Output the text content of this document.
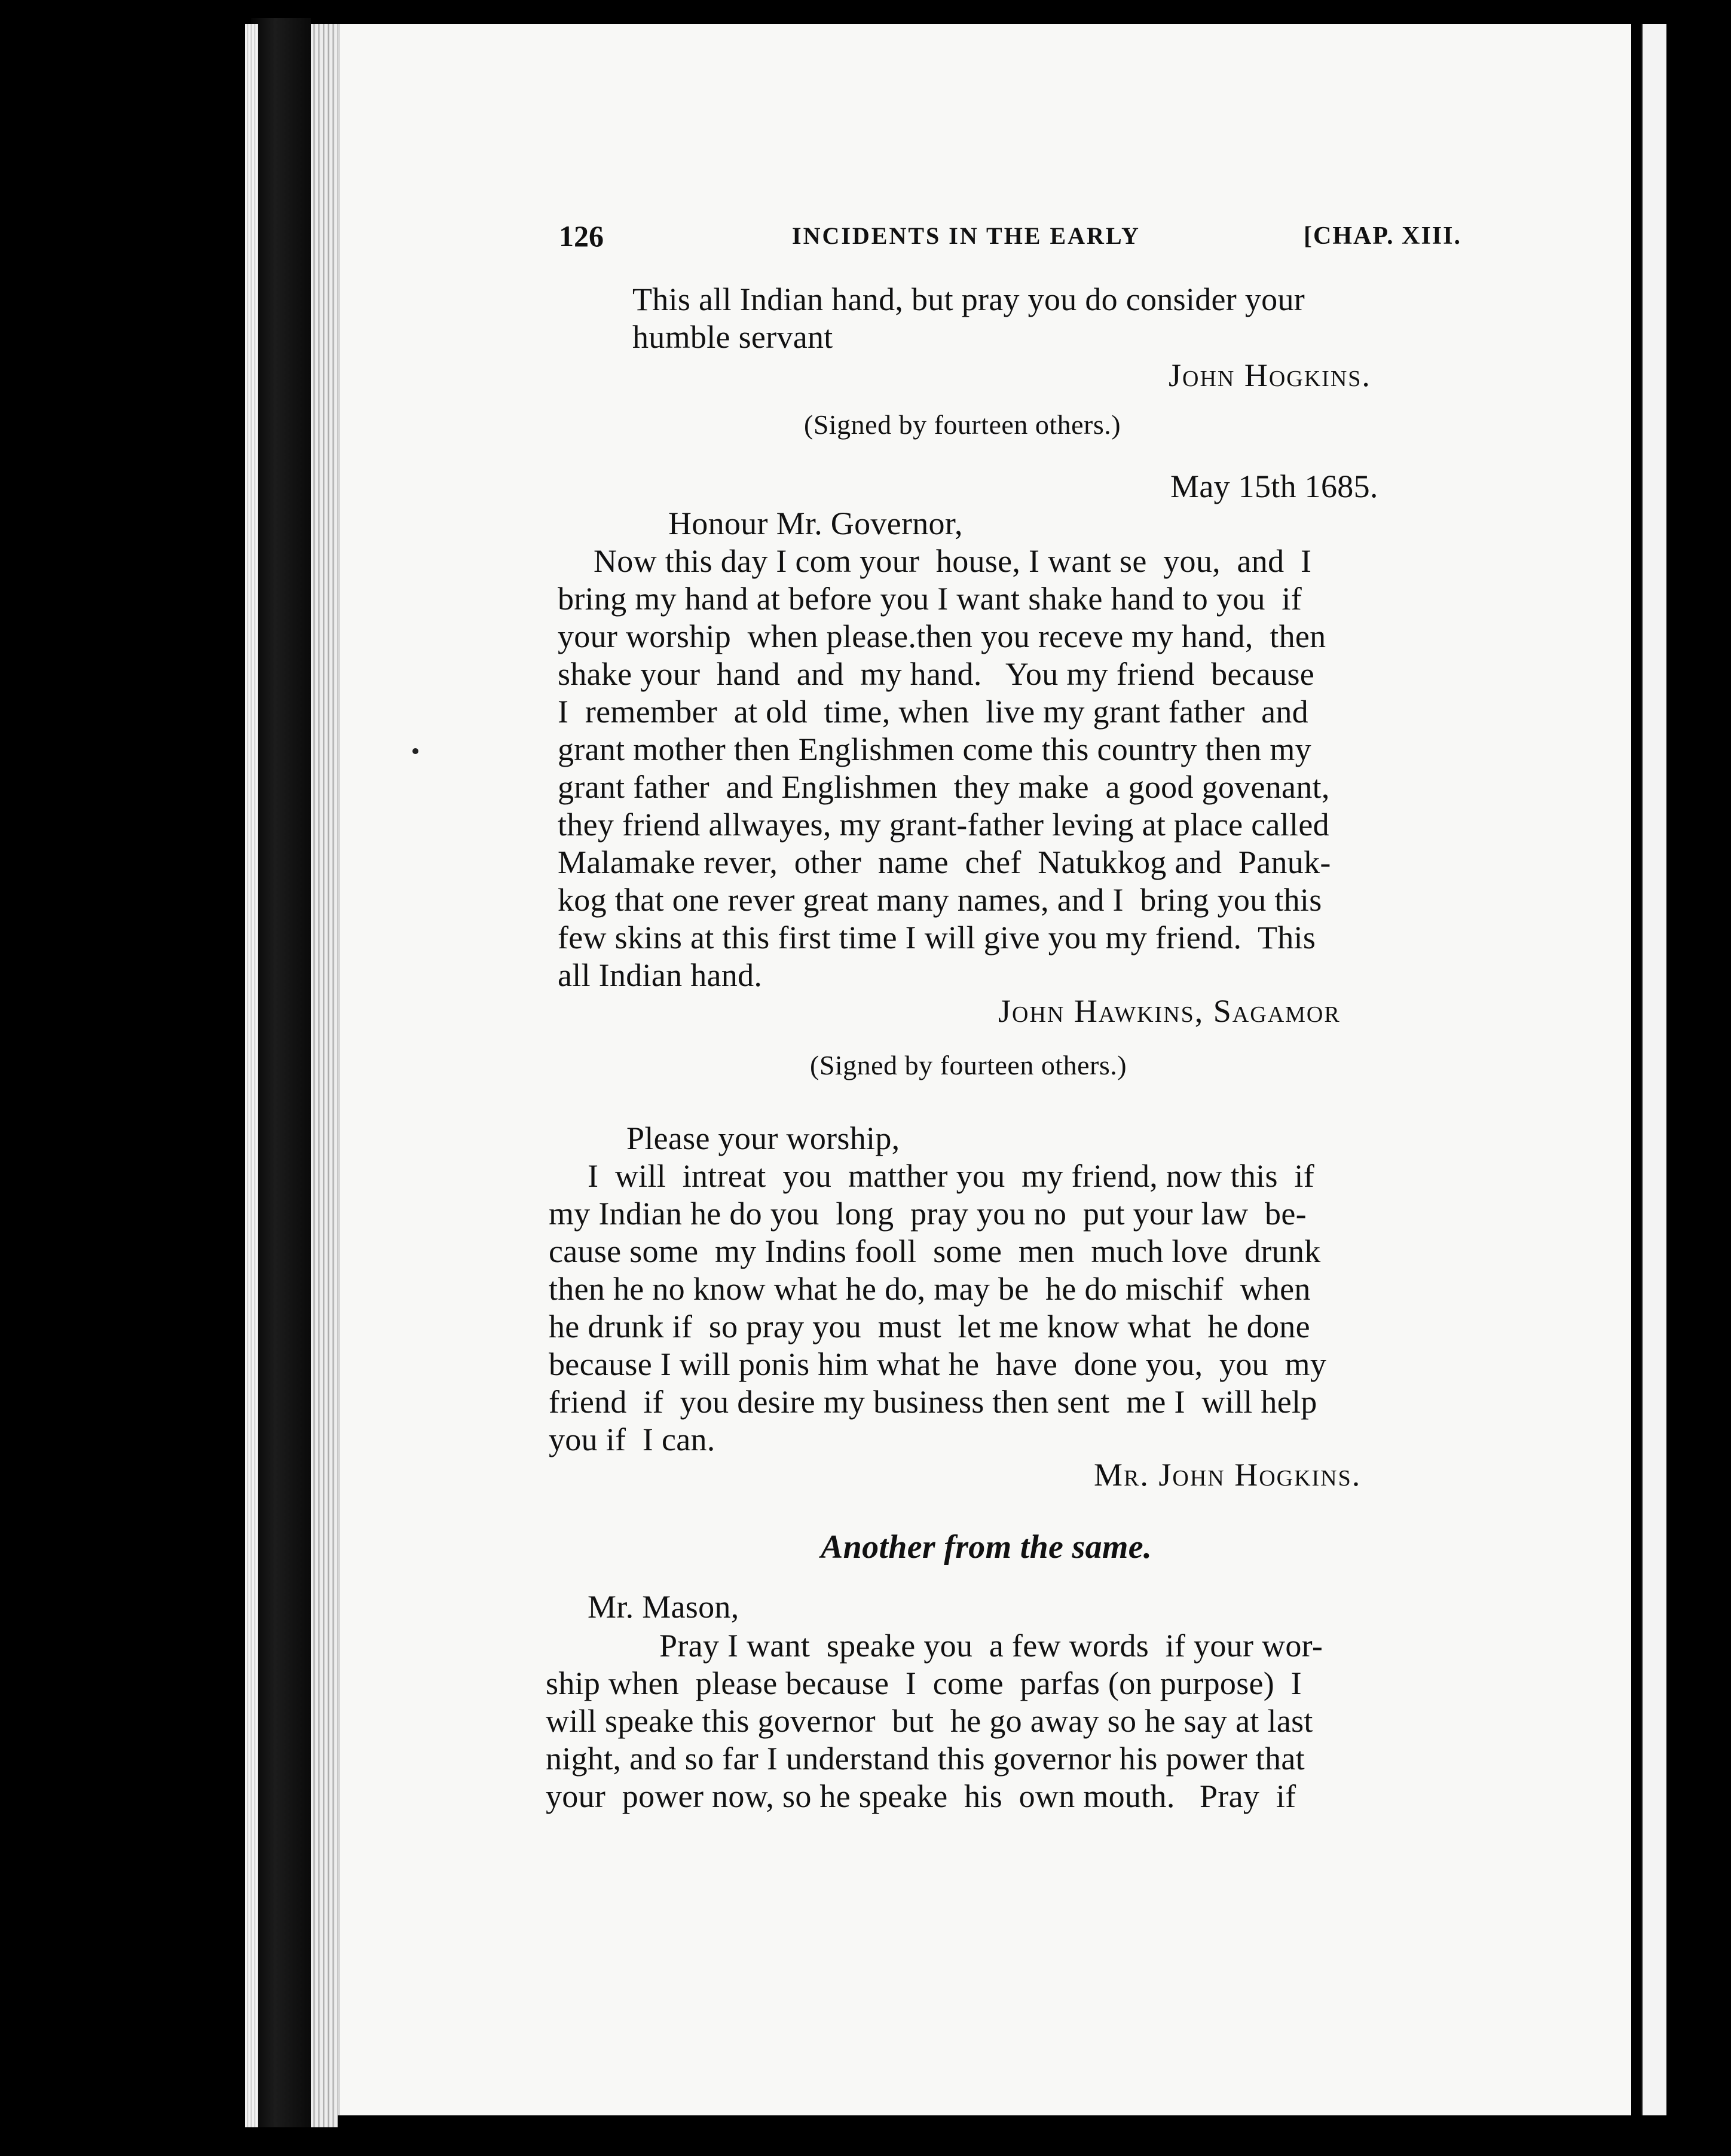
126	INCIDENTS IN THE EARLY	[CHAP. XIII.
This all Indian hand, but pray you do consider your
humble servant
John Hogkins.
(Signed by fourteen others.)
May 15th 1685.
Honour Mr. Governor,
Now this day I com your  house, I want se  you,  and  I
bring my hand at before you I want shake hand to you  if
your worship  when please.then you receve my hand,  then
shake your  hand  and  my hand.   You my friend  because
I  remember  at old  time, when  live my grant father  and
grant mother then Englishmen come this country then my
grant father  and Englishmen  they make  a good govenant,
they friend allwayes, my grant-father leving at place called
Malamake rever,  other  name  chef  Natukkog and  Panuk-
kog that one rever great many names, and I  bring you this
few skins at this first time I will give you my friend.  This
all Indian hand.
John Hawkins, Sagamor
(Signed by fourteen others.)
Please your worship,
I  will  intreat  you  matther you  my friend, now this  if
my Indian he do you  long  pray you no  put your law  be-
cause some  my Indins fooll  some  men  much love  drunk
then he no know what he do, may be  he do mischif  when
he drunk if  so pray you  must  let me know what  he done
because I will ponis him what he  have  done you,  you  my
friend  if  you desire my business then sent  me I  will help
you if  I can.
Mr. John Hogkins.
Another from the same.
Mr. Mason,
Pray I want  speake you  a few words  if your wor-
ship when  please because  I  come  parfas (on purpose)  I
will speake this governor  but  he go away so he say at last
night, and so far I understand this governor his power that
your  power now, so he speake  his  own mouth.   Pray  if
